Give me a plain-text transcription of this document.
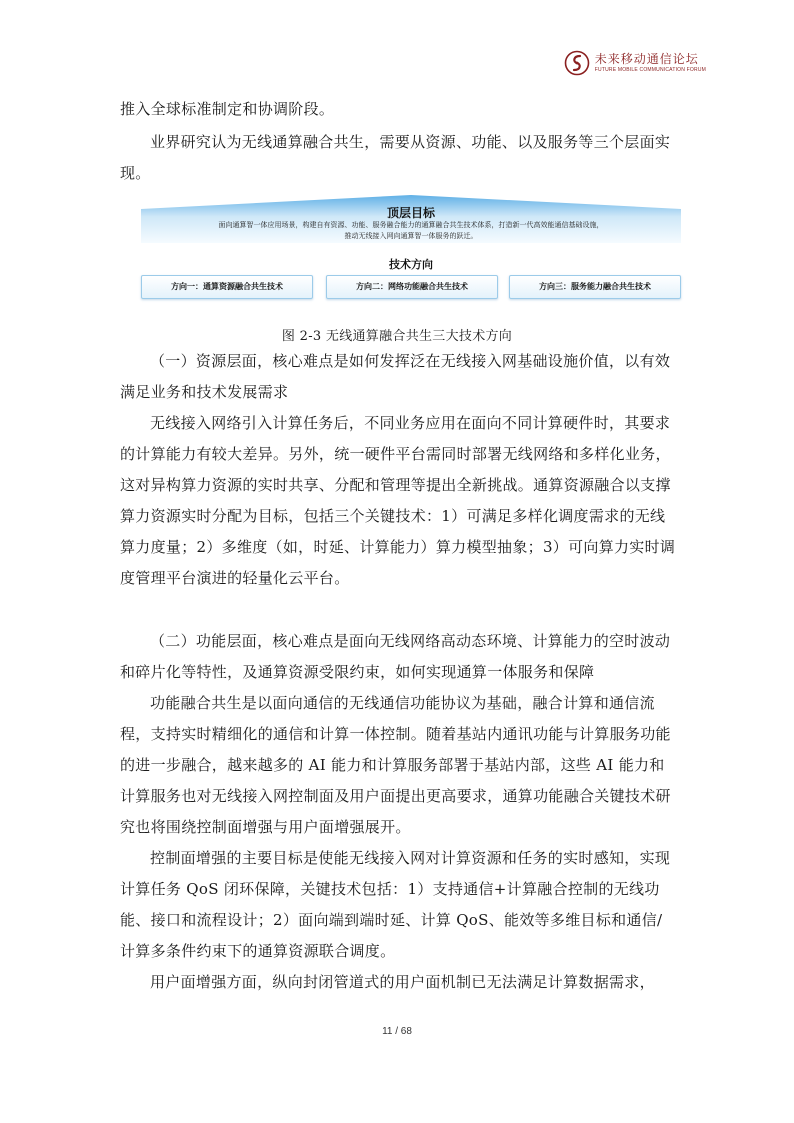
未来移动通信论坛
FUTURE MOBILE COMMUNICATION FORUM

推入全球标准制定和协调阶段。

业界研究认为无线通算融合共生，需要从资源、功能、以及服务等三个层面实现。

顶层目标
面向通算智一体应用场景，构建自有资源、功能、服务融合能力的通算融合共生技术体系，打造新一代高效能通信基础设施，
推动无线接入网向通算智一体服务的跃迁。
技术方向
方向一：通算资源融合共生技术	方向二：网络功能融合共生技术	方向三：服务能力融合共生技术
图 2-3 无线通算融合共生三大技术方向

（一）资源层面，核心难点是如何发挥泛在无线接入网基础设施价值，以有效满足业务和技术发展需求

无线接入网络引入计算任务后，不同业务应用在面向不同计算硬件时，其要求的计算能力有较大差异。另外，统一硬件平台需同时部署无线网络和多样化业务，这对异构算力资源的实时共享、分配和管理等提出全新挑战。通算资源融合以支撑算力资源实时分配为目标，包括三个关键技术：1）可满足多样化调度需求的无线算力度量；2）多维度（如，时延、计算能力）算力模型抽象；3）可向算力实时调度管理平台演进的轻量化云平台。

（二）功能层面，核心难点是面向无线网络高动态环境、计算能力的空时波动和碎片化等特性，及通算资源受限约束，如何实现通算一体服务和保障

功能融合共生是以面向通信的无线通信功能协议为基础，融合计算和通信流程，支持实时精细化的通信和计算一体控制。随着基站内通讯功能与计算服务功能的进一步融合，越来越多的 AI 能力和计算服务部署于基站内部，这些 AI 能力和计算服务也对无线接入网控制面及用户面提出更高要求，通算功能融合关键技术研究也将围绕控制面增强与用户面增强展开。

控制面增强的主要目标是使能无线接入网对计算资源和任务的实时感知，实现计算任务 QoS 闭环保障，关键技术包括：1）支持通信+计算融合控制的无线功能、接口和流程设计；2）面向端到端时延、计算 QoS、能效等多维目标和通信/计算多条件约束下的通算资源联合调度。

用户面增强方面，纵向封闭管道式的用户面机制已无法满足计算数据需求，

11 / 68
